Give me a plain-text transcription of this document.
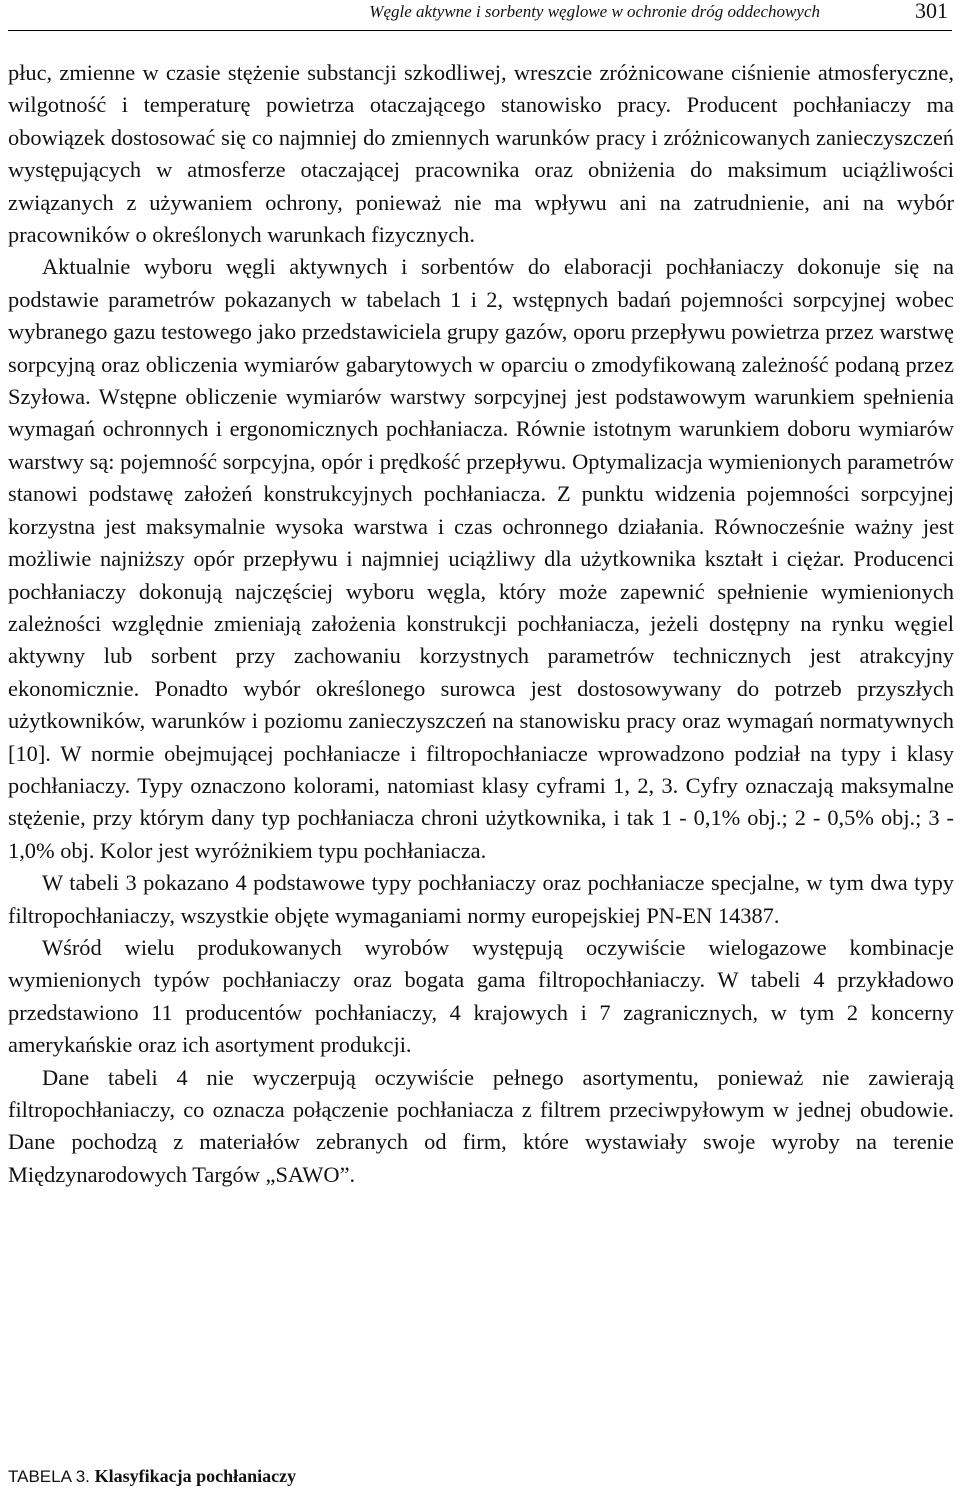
Węgle aktywne i sorbenty węglowe w ochronie dróg oddechowych	301

płuc, zmienne w czasie stężenie substancji szkodliwej, wreszcie zróżnicowane ciśnienie atmosferyczne, wilgotność i temperaturę powietrza otaczającego stanowisko pracy. Producent pochłaniaczy ma obowiązek dostosować się co najmniej do zmiennych warunków pracy i zróżnicowanych zanieczyszczeń występujących w atmosferze otaczającej pracownika oraz obniżenia do maksimum uciążliwości związanych z używaniem ochrony, ponieważ nie ma wpływu ani na zatrudnienie, ani na wybór pracowników o określonych warunkach fizycznych.

Aktualnie wyboru węgli aktywnych i sorbentów do elaboracji pochłaniaczy dokonuje się na podstawie parametrów pokazanych w tabelach 1 i 2, wstępnych badań pojemności sorpcyjnej wobec wybranego gazu testowego jako przedstawiciela grupy gazów, oporu przepływu powietrza przez warstwę sorpcyjną oraz obliczenia wymiarów gabarytowych w oparciu o zmodyfikowaną zależność podaną przez Szyłowa. Wstępne obliczenie wymiarów warstwy sorpcyjnej jest podstawowym warunkiem spełnienia wymagań ochronnych i ergonomicznych pochłaniacza. Równie istotnym warunkiem doboru wymiarów warstwy są: pojemność sorpcyjna, opór i prędkość przepływu. Optymalizacja wymienionych parametrów stanowi podstawę założeń konstrukcyjnych pochłaniacza. Z punktu widzenia pojemności sorpcyjnej korzystna jest maksymalnie wysoka warstwa i czas ochronnego działania. Równocześnie ważny jest możliwie najniższy opór przepływu i najmniej uciążliwy dla użytkownika kształt i ciężar. Producenci pochłaniaczy dokonują najczęściej wyboru węgla, który może zapewnić spełnienie wymienionych zależności względnie zmieniają założenia konstrukcji pochłaniacza, jeżeli dostępny na rynku węgiel aktywny lub sorbent przy zachowaniu korzystnych parametrów technicznych jest atrakcyjny ekonomicznie. Ponadto wybór określonego surowca jest dostosowywany do potrzeb przyszłych użytkowników, warunków i poziomu zanieczyszczeń na stanowisku pracy oraz wymagań normatywnych [10]. W normie obejmującej pochłaniacze i filtropochłaniacze wprowadzono podział na typy i klasy pochłaniaczy. Typy oznaczono kolorami, natomiast klasy cyframi 1, 2, 3. Cyfry oznaczają maksymalne stężenie, przy którym dany typ pochłaniacza chroni użytkownika, i tak 1 - 0,1% obj.; 2 - 0,5% obj.; 3 - 1,0% obj. Kolor jest wyróżnikiem typu pochłaniacza.

W tabeli 3 pokazano 4 podstawowe typy pochłaniaczy oraz pochłaniacze specjalne, w tym dwa typy filtropochłaniaczy, wszystkie objęte wymaganiami normy europejskiej PN-EN 14387.

Wśród wielu produkowanych wyrobów występują oczywiście wielogazowe kombinacje wymienionych typów pochłaniaczy oraz bogata gama filtropochłaniaczy. W tabeli 4 przykładowo przedstawiono 11 producentów pochłaniaczy, 4 krajowych i 7 zagranicznych, w tym 2 koncerny amerykańskie oraz ich asortyment produkcji.

Dane tabeli 4 nie wyczerpują oczywiście pełnego asortymentu, ponieważ nie zawierają filtropochłaniaczy, co oznacza połączenie pochłaniacza z filtrem przeciwpyłowym w jednej obudowie. Dane pochodzą z materiałów zebranych od firm, które wystawiały swoje wyroby na terenie Międzynarodowych Targów „SAWO”.

TABELA 3. Klasyfikacja pochłaniaczy
